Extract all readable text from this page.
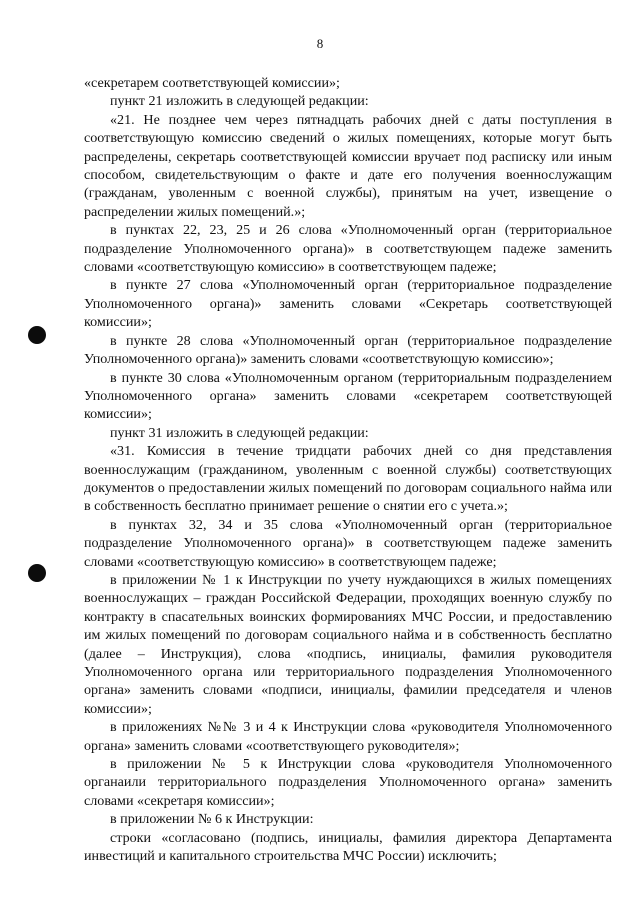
8

«секретарем соответствующей комиссии»;

пункт 21 изложить в следующей редакции:

«21. Не позднее чем через пятнадцать рабочих дней с даты поступления в соответствующую комиссию сведений о жилых помещениях, которые могут быть распределены, секретарь соответствующей комиссии вручает под расписку или иным способом, свидетельствующим о факте и дате его получения военнослужащим (гражданам, уволенным с военной службы), принятым на учет, извещение о распределении жилых помещений.»;

в пунктах 22, 23, 25 и 26 слова «Уполномоченный орган (территориальное подразделение Уполномоченного органа)» в соответствующем падеже заменить словами «соответствующую комиссию» в соответствующем падеже;

в пункте 27 слова «Уполномоченный орган (территориальное подразделение Уполномоченного органа)» заменить словами «Секретарь соответствующей комиссии»;

в пункте 28 слова «Уполномоченный орган (территориальное подразделение Уполномоченного органа)» заменить словами «соответствующую комиссию»;

в пункте 30 слова «Уполномоченным органом (территориальным подразделением Уполномоченного органа» заменить словами «секретарем соответствующей комиссии»;

пункт 31 изложить в следующей редакции:

«31. Комиссия в течение тридцати рабочих дней со дня представления военнослужащим (гражданином, уволенным с военной службы) соответствующих документов о предоставлении жилых помещений по договорам социального найма или в собственность бесплатно принимает решение о снятии его с учета.»;

в пунктах 32, 34 и 35 слова «Уполномоченный орган (территориальное подразделение Уполномоченного органа)» в соответствующем падеже заменить словами «соответствующую комиссию» в соответствующем падеже;

в приложении № 1 к Инструкции по учету нуждающихся в жилых помещениях военнослужащих – граждан Российской Федерации, проходящих военную службу по контракту в спасательных воинских формированиях МЧС России, и предоставлению им жилых помещений по договорам социального найма и в собственность бесплатно (далее – Инструкция), слова «подпись, инициалы, фамилия руководителя Уполномоченного органа или территориального подразделения Уполномоченного органа» заменить словами «подписи, инициалы, фамилии председателя и членов комиссии»;

в приложениях №№ 3 и 4 к Инструкции слова «руководителя Уполномоченного органа» заменить словами «соответствующего руководителя»;

в приложении № 5 к Инструкции слова «руководителя Уполномоченного органаили территориального подразделения Уполномоченного органа» заменить словами «секретаря комиссии»;

в приложении № 6 к Инструкции:

строки «согласовано (подпись, инициалы, фамилия директора Департамента инвестиций и капитального строительства МЧС России) исключить;
